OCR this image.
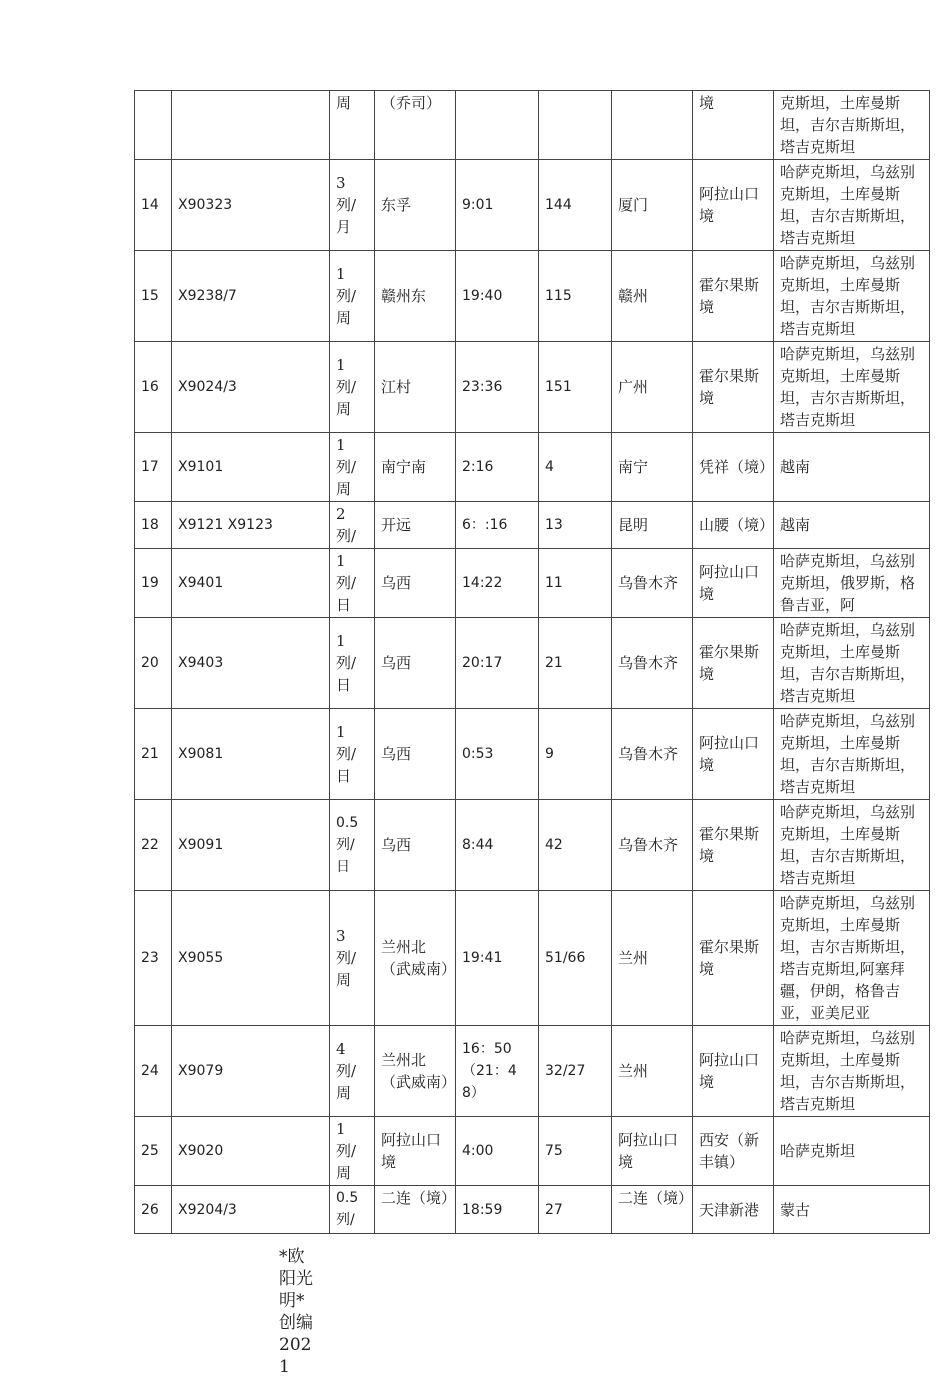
		周	（乔司）				境	克斯坦，土库曼斯坦，吉尔吉斯斯坦，塔吉克斯坦
14	X90323	3 列/月	东孚	9:01	144	厦门	阿拉山口境	哈萨克斯坦，乌兹别克斯坦，土库曼斯坦，吉尔吉斯斯坦，塔吉克斯坦
15	X9238/7	1 列/周	赣州东	19:40	115	赣州	霍尔果斯境	哈萨克斯坦，乌兹别克斯坦，土库曼斯坦，吉尔吉斯斯坦，塔吉克斯坦
16	X9024/3	1 列/周	江村	23:36	151	广州	霍尔果斯境	哈萨克斯坦，乌兹别克斯坦，土库曼斯坦，吉尔吉斯斯坦，塔吉克斯坦
17	X9101	1 列/周	南宁南	2:16	4	南宁	凭祥（境）	越南
18	X9121 X9123	2 列/	开远	6：:16	13	昆明	山腰（境）	越南
19	X9401	1 列/日	乌西	14:22	11	乌鲁木齐	阿拉山口境	哈萨克斯坦，乌兹别克斯坦，俄罗斯，格鲁吉亚，阿
20	X9403	1 列/日	乌西	20:17	21	乌鲁木齐	霍尔果斯境	哈萨克斯坦，乌兹别克斯坦，土库曼斯坦，吉尔吉斯斯坦，塔吉克斯坦
21	X9081	1 列/日	乌西	0:53	9	乌鲁木齐	阿拉山口境	哈萨克斯坦，乌兹别克斯坦，土库曼斯坦，吉尔吉斯斯坦，塔吉克斯坦
22	X9091	0.5 列/日	乌西	8:44	42	乌鲁木齐	霍尔果斯境	哈萨克斯坦，乌兹别克斯坦，土库曼斯坦，吉尔吉斯斯坦，塔吉克斯坦
23	X9055	3 列/周	兰州北（武威南）	19:41	51/66	兰州	霍尔果斯境	哈萨克斯坦，乌兹别克斯坦，土库曼斯坦，吉尔吉斯斯坦，塔吉克斯坦,阿塞拜疆，伊朗，格鲁吉亚，亚美尼亚
24	X9079	4 列/周	兰州北（武威南）	16：50（21：48）	32/27	兰州	阿拉山口境	哈萨克斯坦，乌兹别克斯坦，土库曼斯坦，吉尔吉斯斯坦，塔吉克斯坦
25	X9020	1 列/周	阿拉山口境	4:00	75	阿拉山口境	西安（新丰镇）	哈萨克斯坦
26	X9204/3	0.5 列/	二连（境）	18:59	27	二连（境）	天津新港	蒙古
*欧阳光明*创编2021
